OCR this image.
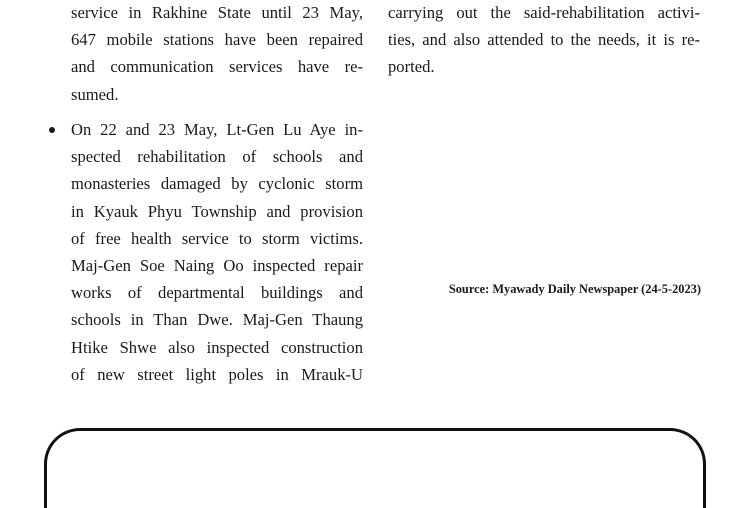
service in Rakhine State until 23 May,
647 mobile stations have been repaired
and communication services have re-
sumed.
On 22 and 23 May, Lt-Gen Lu Aye in-
spected rehabilitation of schools and
monasteries damaged by cyclonic storm
in Kyauk Phyu Township and provision
of free health service to storm victims.
Maj-Gen Soe Naing Oo inspected repair
works of departmental buildings and
schools in Than Dwe. Maj-Gen Thaung
Htike Shwe also inspected construction
of new street light poles in Mrauk-U
carrying out the said-rehabilitation activi-
ties, and also attended to the needs, it is re-
ported.
Source: Myawady Daily Newspaper (24-5-2023)
